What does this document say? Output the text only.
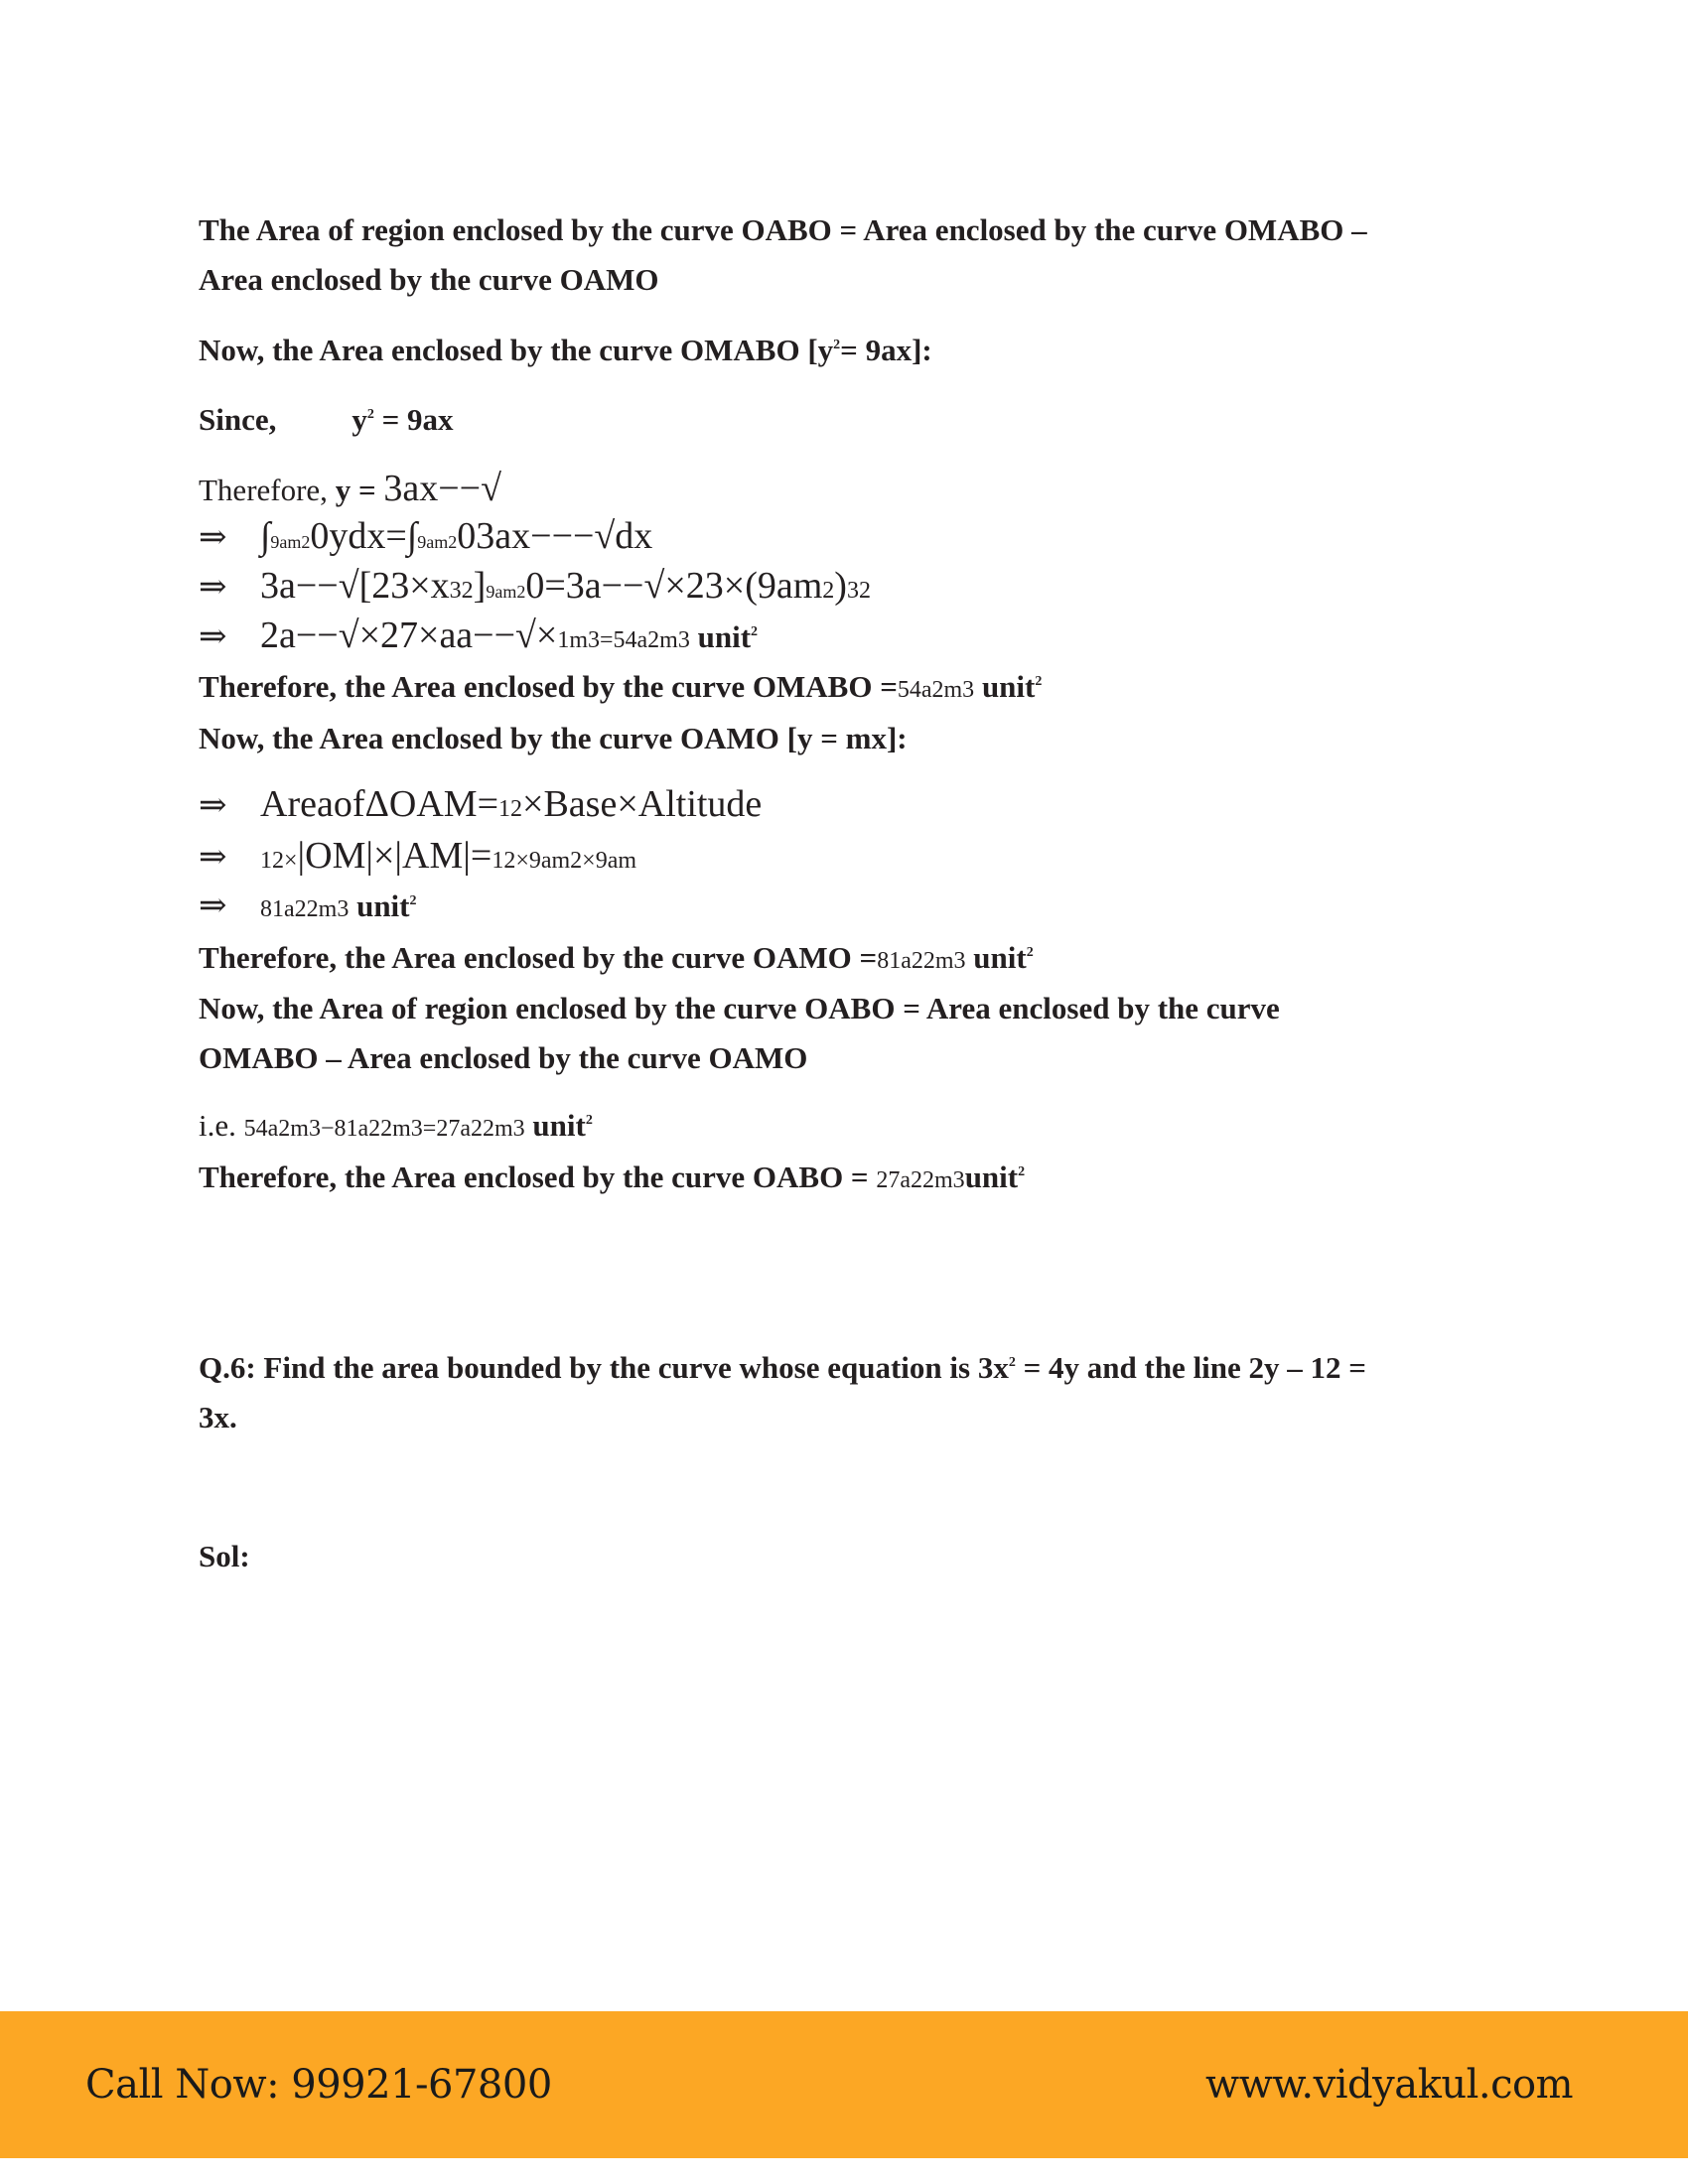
The Area of region enclosed by the curve OABO = Area enclosed by the curve OMABO –
Area enclosed by the curve OAMO
Now, the Area enclosed by the curve OMABO $[y^2= 9ax]$:
Since, $y^2 = 9ax$
Therefore, y = 3ax−−√
⇒ ∫9am20ydx=∫9am203ax−−−√dx
⇒ 3a−−√[23×x32]9am20=3a−−√×23×(9am2)32
⇒ 2a−−√×27×aa−−√×1m3=54a2m3 unit$^2$
Therefore, the Area enclosed by the curve OMABO =54a2m3 unit$^2$
Now, the Area enclosed by the curve OAMO [y = mx]:
⇒ AreaofΔOAM=12×Base×Altitude
⇒ 12×|OM|×|AM|=12×9am2×9am
⇒ 81a22m3 unit$^2$
Therefore, the Area enclosed by the curve OAMO =81a22m3 unit$^2$
Now, the Area of region enclosed by the curve OABO = Area enclosed by the curve
OMABO – Area enclosed by the curve OAMO
i.e. 54a2m3−81a22m3=27a22m3 unit$^2$
Therefore, the Area enclosed by the curve OABO = 27a22m3unit$^2$
Q.6: Find the area bounded by the curve whose equation is $3x^2 = 4y$ and the line 2y – 12 =
3x.
Sol:
Call Now: 99921-67800	www.vidyakul.com
